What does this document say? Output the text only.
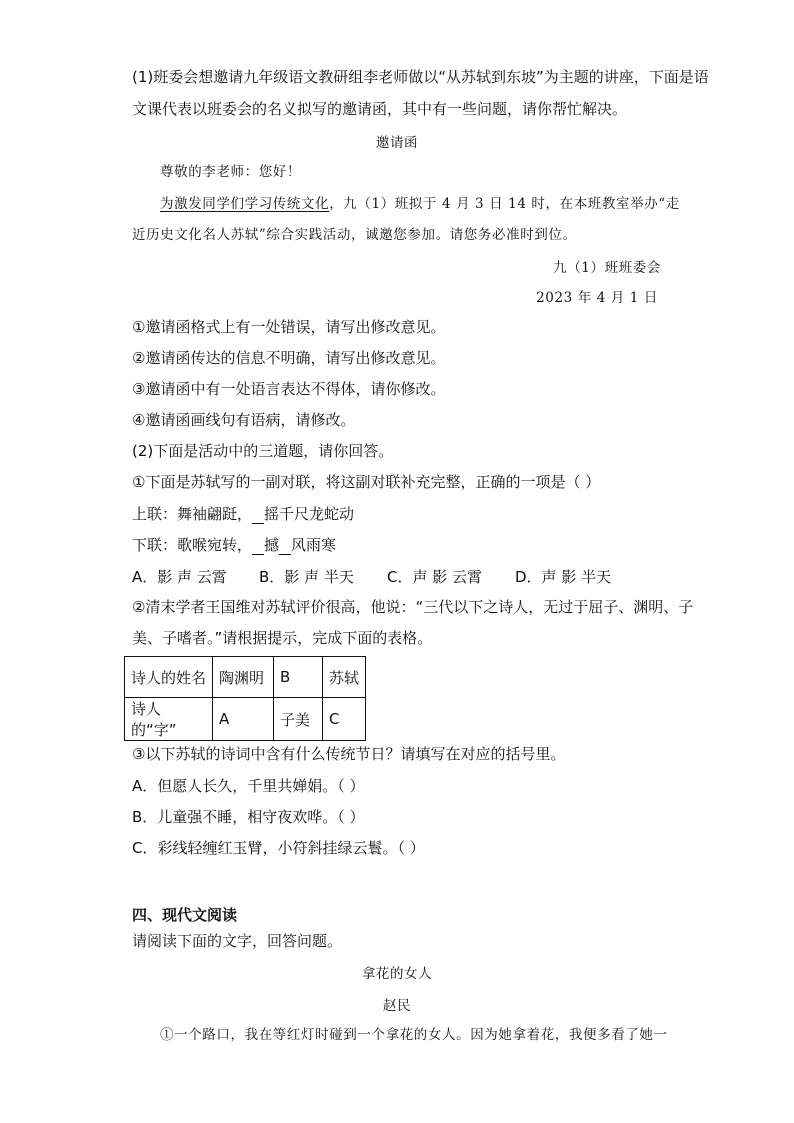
(1)班委会想邀请九年级语文教研组李老师做以“从苏轼到东坡”为主题的讲座，下面是语
文课代表以班委会的名义拟写的邀请函，其中有一些问题，请你帮忙解决。
邀请函
尊敬的李老师：您好！
为激发同学们学习传统文化，九（1）班拟于 4 月 3 日 14 时，在本班教室举办“走
近历史文化名人苏轼”综合实践活动，诚邀您参加。请您务必准时到位。
九（1）班班委会
2023 年 4 月 1 日
①邀请函格式上有一处错误，请写出修改意见。
②邀请函传达的信息不明确，请写出修改意见。
③邀请函中有一处语言表达不得体，请你修改。
④邀请函画线句有语病，请修改。
(2)下面是活动中的三道题，请你回答。
①下面是苏轼写的一副对联，将这副对联补充完整，正确的一项是（ ）
上联：舞袖翩跹， 摇千尺龙蛇动
下联：歌喉宛转， 撼 风雨寒
A．影 声 云霄 B．影 声 半天 C．声 影 云霄 D．声 影 半天
②清末学者王国维对苏轼评价很高，他说：“三代以下之诗人，无过于屈子、渊明、子
美、子嗜者。”请根据提示，完成下面的表格。
诗人的姓名	陶渊明	B	苏轼
诗人的“字”	A	子美	C
③以下苏轼的诗词中含有什么传统节日？请填写在对应的括号里。
A．但愿人长久，千里共婵娟。（ ）
B．儿童强不睡，相守夜欢哗。（ ）
C．彩线轻缠红玉臂，小符斜挂绿云鬟。（ ）
四、现代文阅读
请阅读下面的文字，回答问题。
拿花的女人
赵民
①一个路口，我在等红灯时碰到一个拿花的女人。因为她拿着花，我便多看了她一
